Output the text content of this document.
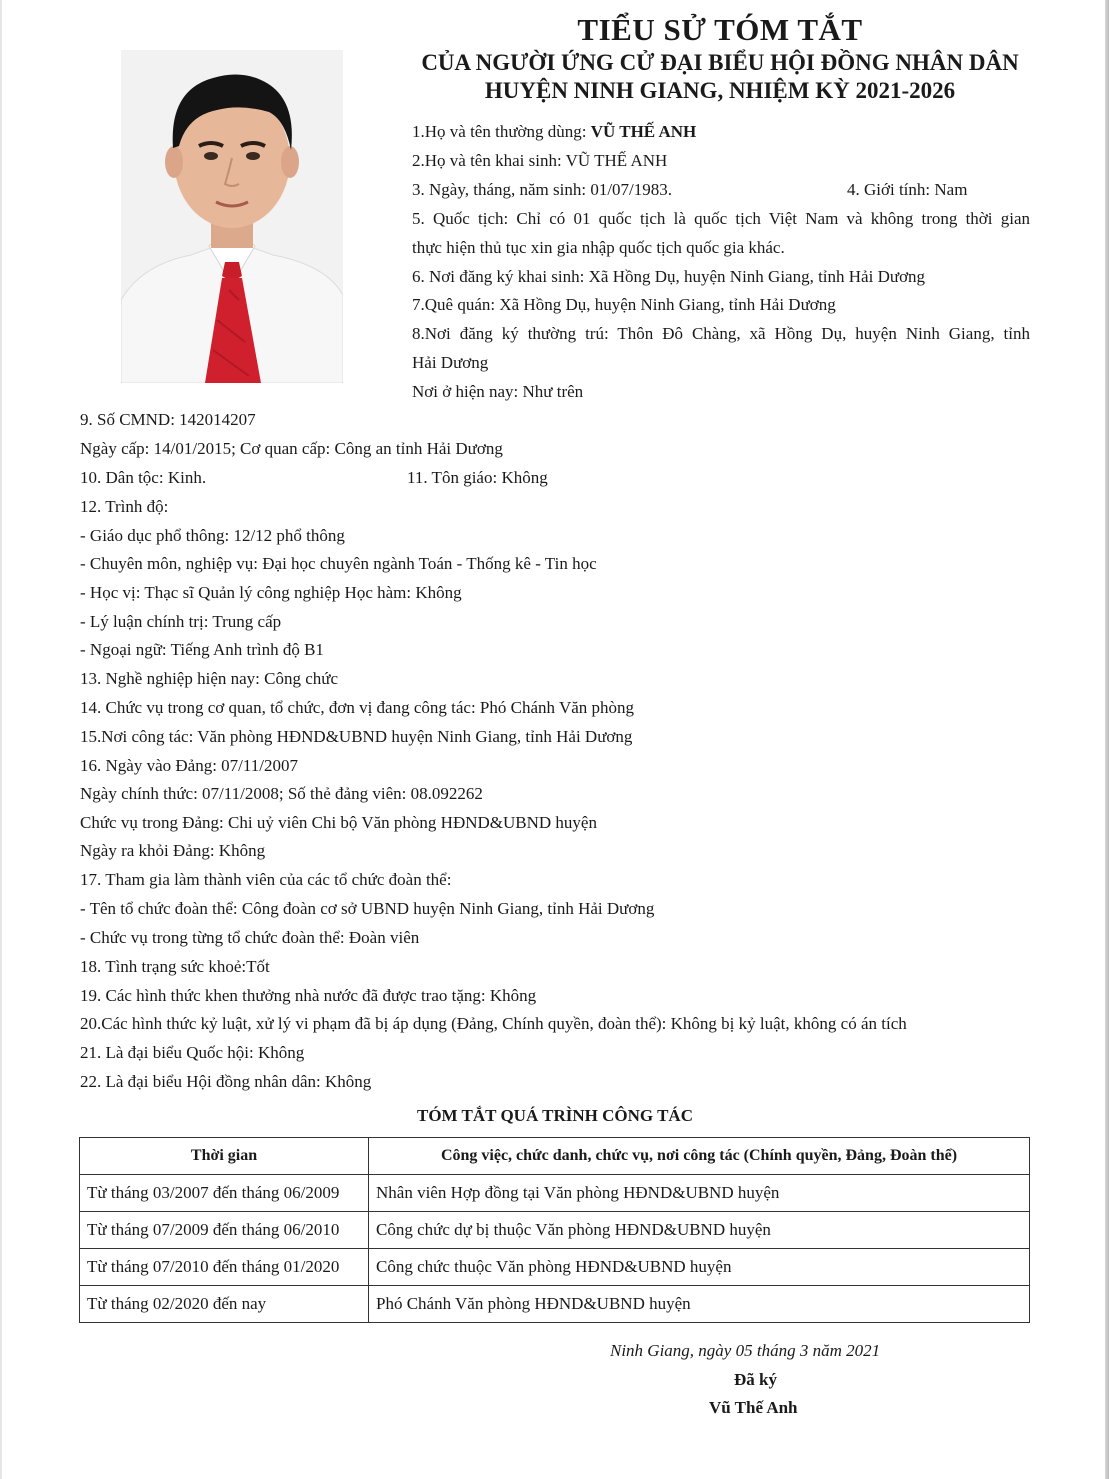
TIỂU SỬ TÓM TẮT
CỦA NGƯỜI ỨNG CỬ ĐẠI BIỂU HỘI ĐỒNG NHÂN DÂN
HUYỆN NINH GIANG, NHIỆM KỲ 2021-2026
1.Họ và tên thường dùng: VŨ THẾ ANH
2.Họ và tên khai sinh: VŨ THẾ ANH
3. Ngày, tháng, năm sinh: 01/07/1983.	4. Giới tính: Nam
5. Quốc tịch: Chỉ có 01 quốc tịch là quốc tịch Việt Nam và không trong thời gian
thực hiện thủ tục xin gia nhập quốc tịch quốc gia khác.
6. Nơi đăng ký khai sinh: Xã Hồng Dụ, huyện Ninh Giang, tỉnh Hải Dương
7.Quê quán: Xã Hồng Dụ, huyện Ninh Giang, tỉnh Hải Dương
8.Nơi đăng ký thường trú: Thôn Đô Chàng, xã Hồng Dụ, huyện Ninh Giang, tỉnh
Hải Dương
Nơi ở hiện nay: Như trên
9. Số CMND: 142014207
Ngày cấp: 14/01/2015; Cơ quan cấp: Công an tỉnh Hải Dương
10. Dân tộc: Kinh.	11. Tôn giáo: Không
12. Trình độ:
- Giáo dục phổ thông: 12/12 phổ thông
- Chuyên môn, nghiệp vụ: Đại học chuyên ngành Toán - Thống kê - Tin học
- Học vị: Thạc sĩ Quản lý công nghiệp Học hàm: Không
- Lý luận chính trị: Trung cấp
- Ngoại ngữ: Tiếng Anh trình độ B1
13. Nghề nghiệp hiện nay: Công chức
14. Chức vụ trong cơ quan, tổ chức, đơn vị đang công tác: Phó Chánh Văn phòng
15.Nơi công tác: Văn phòng HĐND&UBND huyện Ninh Giang, tỉnh Hải Dương
16. Ngày vào Đảng: 07/11/2007
Ngày chính thức: 07/11/2008; Số thẻ đảng viên: 08.092262
Chức vụ trong Đảng: Chi uỷ viên Chi bộ Văn phòng HĐND&UBND huyện
Ngày ra khỏi Đảng: Không
17. Tham gia làm thành viên của các tổ chức đoàn thể:
- Tên tổ chức đoàn thể: Công đoàn cơ sở UBND huyện Ninh Giang, tỉnh Hải Dương
- Chức vụ trong từng tổ chức đoàn thể: Đoàn viên
18. Tình trạng sức khoẻ:Tốt
19. Các hình thức khen thưởng nhà nước đã được trao tặng: Không
20.Các hình thức kỷ luật, xử lý vi phạm đã bị áp dụng (Đảng, Chính quyền, đoàn thể): Không bị kỷ luật, không có án tích
21. Là đại biểu Quốc hội: Không
22. Là đại biểu Hội đồng nhân dân: Không
TÓM TẮT QUÁ TRÌNH CÔNG TÁC
Thời gian	Công việc, chức danh, chức vụ, nơi công tác (Chính quyền, Đảng, Đoàn thể)
Từ tháng 03/2007 đến tháng 06/2009	Nhân viên Hợp đồng tại Văn phòng HĐND&UBND huyện
Từ tháng 07/2009 đến tháng 06/2010	Công chức dự bị thuộc Văn phòng HĐND&UBND huyện
Từ tháng 07/2010 đến tháng 01/2020	Công chức thuộc Văn phòng HĐND&UBND huyện
Từ tháng 02/2020 đến nay	Phó Chánh Văn phòng HĐND&UBND huyện
Ninh Giang, ngày 05 tháng 3 năm 2021
Đã ký
Vũ Thế Anh
